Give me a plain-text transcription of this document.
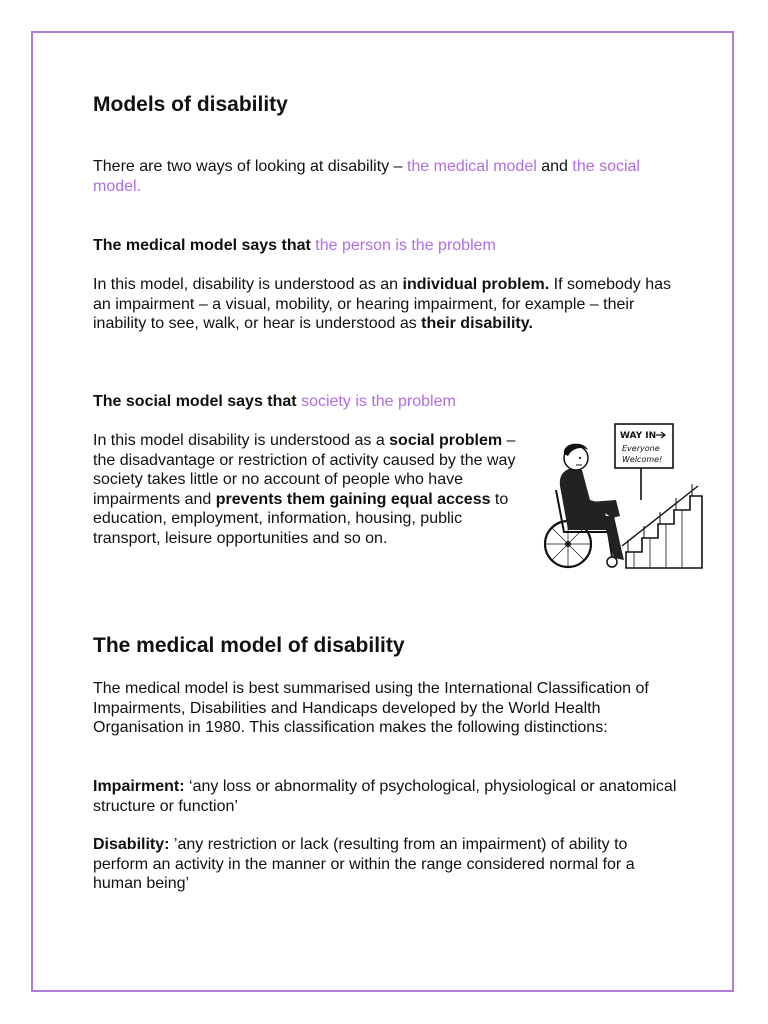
Models of disability

There are two ways of looking at disability – the medical model and the social model.

The medical model says that the person is the problem

In this model, disability is understood as an individual problem. If somebody has an impairment – a visual, mobility, or hearing impairment, for example – their inability to see, walk, or hear is understood as their disability.

The social model says that society is the problem

In this model disability is understood as a social problem – the disadvantage or restriction of activity caused by the way society takes little or no account of people who have impairments and prevents them gaining equal access to education, employment, information, housing, public transport, leisure opportunities and so on.

WAY IN
Everyone
Welcome!
The medical model of disability

The medical model is best summarised using the International Classification of Impairments, Disabilities and Handicaps developed by the World Health Organisation in 1980. This classification makes the following distinctions:

Impairment: ‘any loss or abnormality of psychological, physiological or anatomical structure or function’

Disability: ’any restriction or lack (resulting from an impairment) of ability to perform an activity in the manner or within the range considered normal for a human being’
